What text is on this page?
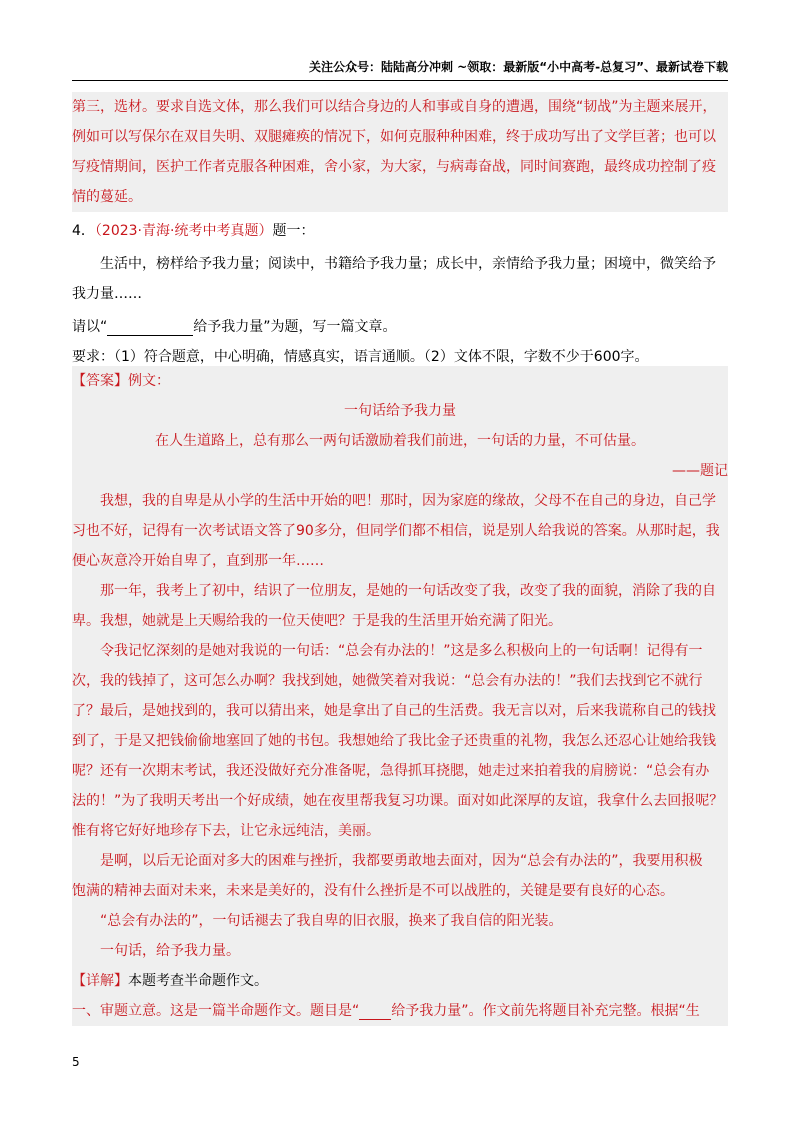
关注公众号：陆陆高分冲刺 ~领取：最新版“小中高考-总复习”、最新试卷下载
第三，选材。要求自选文体，那么我们可以结合身边的人和事或自身的遭遇，围绕“韧战”为主题来展开，
例如可以写保尔在双目失明、双腿瘫痪的情况下，如何克服种种困难，终于成功写出了文学巨著；也可以
写疫情期间，医护工作者克服各种困难，舍小家，为大家，与病毒奋战，同时间赛跑，最终成功控制了疫
情的蔓延。
4．（2023·青海·统考中考真题）题一：
生活中，榜样给予我力量；阅读中，书籍给予我力量；成长中，亲情给予我力量；困境中，微笑给予
我力量……
请以“	给予我力量”为题，写一篇文章。
要求：（1）符合题意，中心明确，情感真实，语言通顺。（2）文体不限，字数不少于600字。
【答案】例文：
一句话给予我力量
在人生道路上，总有那么一两句话激励着我们前进，一句话的力量，不可估量。
——题记
我想，我的自卑是从小学的生活中开始的吧！那时，因为家庭的缘故，父母不在自己的身边，自己学
习也不好，记得有一次考试语文答了90多分，但同学们都不相信，说是别人给我说的答案。从那时起，我
便心灰意冷开始自卑了，直到那一年……
那一年，我考上了初中，结识了一位朋友，是她的一句话改变了我，改变了我的面貌，消除了我的自
卑。我想，她就是上天赐给我的一位天使吧？于是我的生活里开始充满了阳光。
令我记忆深刻的是她对我说的一句话：“总会有办法的！”这是多么积极向上的一句话啊！记得有一
次，我的钱掉了，这可怎么办啊？我找到她，她微笑着对我说：“总会有办法的！”我们去找到它不就行
了？最后，是她找到的，我可以猜出来，她是拿出了自己的生活费。我无言以对，后来我谎称自己的钱找
到了，于是又把钱偷偷地塞回了她的书包。我想她给了我比金子还贵重的礼物，我怎么还忍心让她给我钱
呢？还有一次期末考试，我还没做好充分准备呢，急得抓耳挠腮，她走过来拍着我的肩膀说：“总会有办
法的！”为了我明天考出一个好成绩，她在夜里帮我复习功课。面对如此深厚的友谊，我拿什么去回报呢？
惟有将它好好地珍存下去，让它永远纯洁，美丽。
是啊，以后无论面对多大的困难与挫折，我都要勇敢地去面对，因为“总会有办法的”，我要用积极
饱满的精神去面对未来，未来是美好的，没有什么挫折是不可以战胜的，关键是要有良好的心态。
“总会有办法的”，一句话褪去了我自卑的旧衣服，换来了我自信的阳光装。
一句话，给予我力量。
【详解】本题考查半命题作文。
一、审题立意。这是一篇半命题作文。题目是“ 给予我力量”。作文前先将题目补充完整。根据“生
5
